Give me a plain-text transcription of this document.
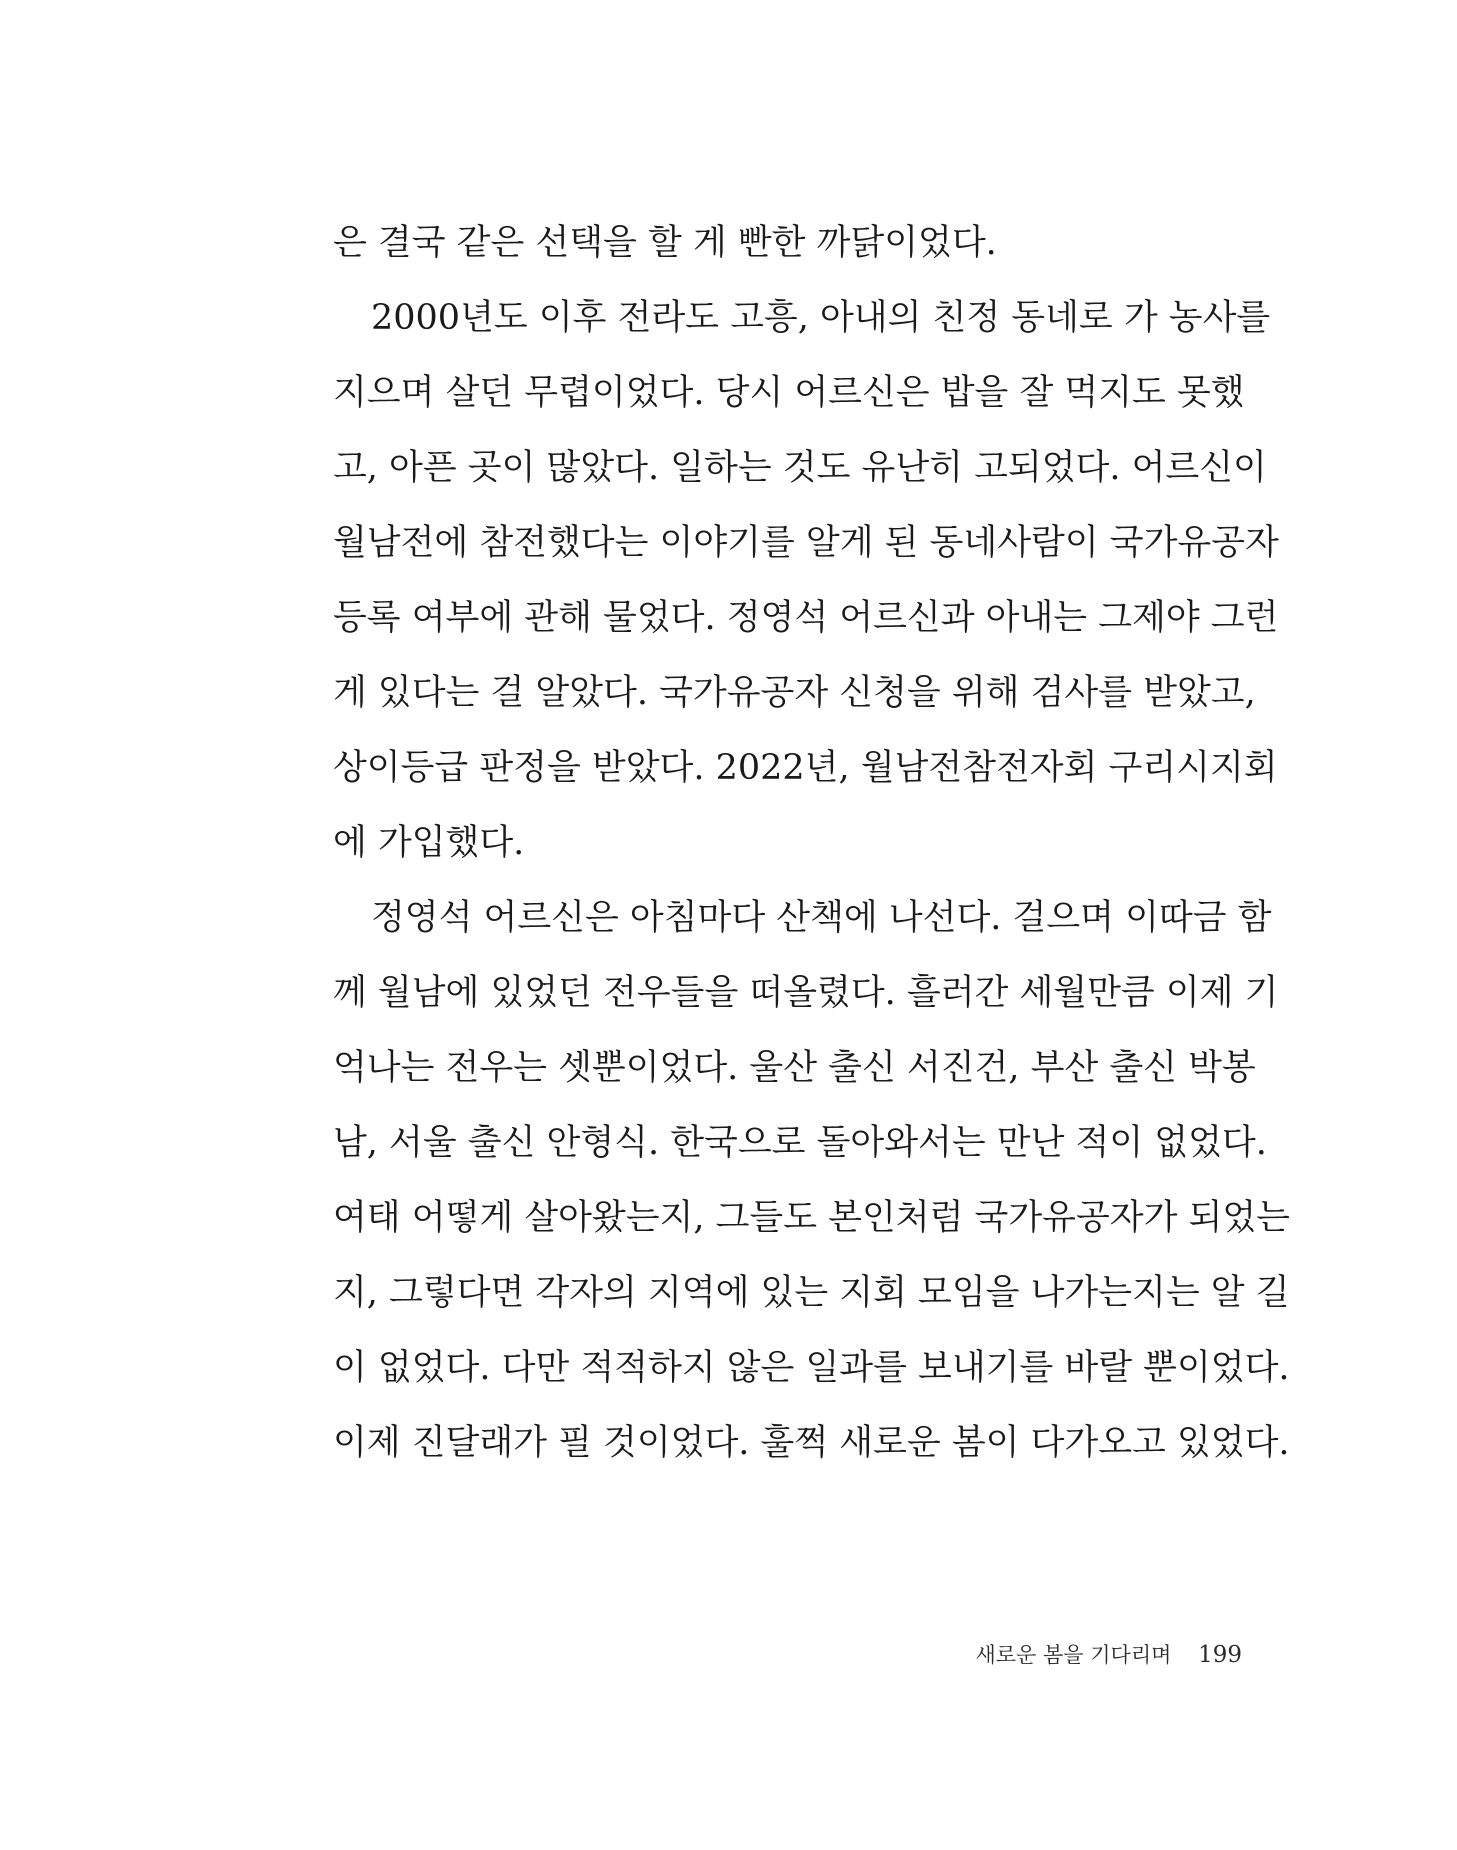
은 결국 같은 선택을 할 게 빤한 까닭이었다.
2000년도 이후 전라도 고흥, 아내의 친정 동네로 가 농사를
지으며 살던 무렵이었다. 당시 어르신은 밥을 잘 먹지도 못했
고, 아픈 곳이 많았다. 일하는 것도 유난히 고되었다. 어르신이
월남전에 참전했다는 이야기를 알게 된 동네사람이 국가유공자
등록 여부에 관해 물었다. 정영석 어르신과 아내는 그제야 그런
게 있다는 걸 알았다. 국가유공자 신청을 위해 검사를 받았고,
상이등급 판정을 받았다. 2022년, 월남전참전자회 구리시지회
에 가입했다.
정영석 어르신은 아침마다 산책에 나선다. 걸으며 이따금 함
께 월남에 있었던 전우들을 떠올렸다. 흘러간 세월만큼 이제 기
억나는 전우는 셋뿐이었다. 울산 출신 서진건, 부산 출신 박봉
남, 서울 출신 안형식. 한국으로 돌아와서는 만난 적이 없었다.
여태 어떻게 살아왔는지, 그들도 본인처럼 국가유공자가 되었는
지, 그렇다면 각자의 지역에 있는 지회 모임을 나가는지는 알 길
이 없었다. 다만 적적하지 않은 일과를 보내기를 바랄 뿐이었다.
이제 진달래가 필 것이었다. 훌쩍 새로운 봄이 다가오고 있었다.
새로운 봄을 기다리며 199
